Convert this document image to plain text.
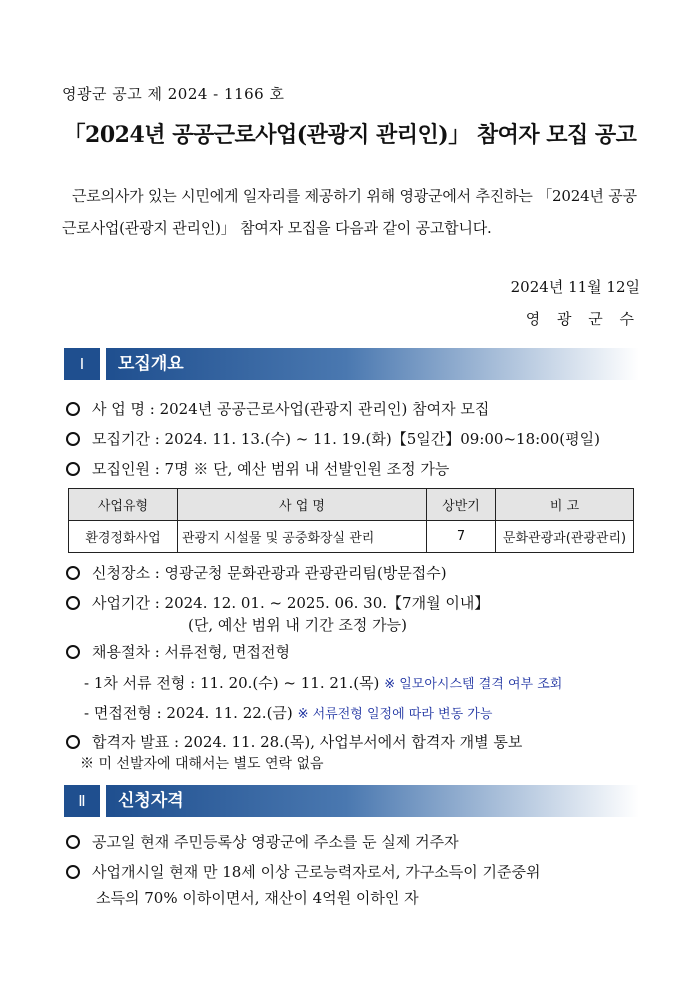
영광군 공고 제 2024 - 1166 호
「2024년 공공근로사업(관광지 관리인)」 참여자 모집 공고
근로의사가 있는 시민에게 일자리를 제공하기 위해 영광군에서 추진하는 「2024년 공공근로사업(관광지 관리인)」 참여자 모집을 다음과 같이 공고합니다.
2024년 11월 12일
영 광 군 수
Ⅰ	모집개요
사 업 명 : 2024년 공공근로사업(관광지 관리인) 참여자 모집
모집기간 : 2024. 11. 13.(수) ~ 11. 19.(화)【5일간】09:00~18:00(평일)
모집인원 : 7명 ※ 단, 예산 범위 내 선발인원 조정 가능
사업유형	사 업 명	상반기	비 고
환경정화사업	관광지 시설물 및 공중화장실 관리	7	문화관광과(관광관리)
신청장소 : 영광군청 문화관광과 관광관리팀(방문접수)
사업기간 : 2024. 12. 01. ~ 2025. 06. 30.【7개월 이내】
(단, 예산 범위 내 기간 조정 가능)
채용절차 : 서류전형, 면접전형
- 1차 서류 전형 : 11. 20.(수) ~ 11. 21.(목) ※ 일모아시스템 결격 여부 조회
- 면접전형 : 2024. 11. 22.(금) ※ 서류전형 일정에 따라 변동 가능
합격자 발표 : 2024. 11. 28.(목), 사업부서에서 합격자 개별 통보
※ 미 선발자에 대해서는 별도 연락 없음
Ⅱ	신청자격
공고일 현재 주민등록상 영광군에 주소를 둔 실제 거주자
사업개시일 현재 만 18세 이상 근로능력자로서, 가구소득이 기준중위
소득의 70% 이하이면서, 재산이 4억원 이하인 자
